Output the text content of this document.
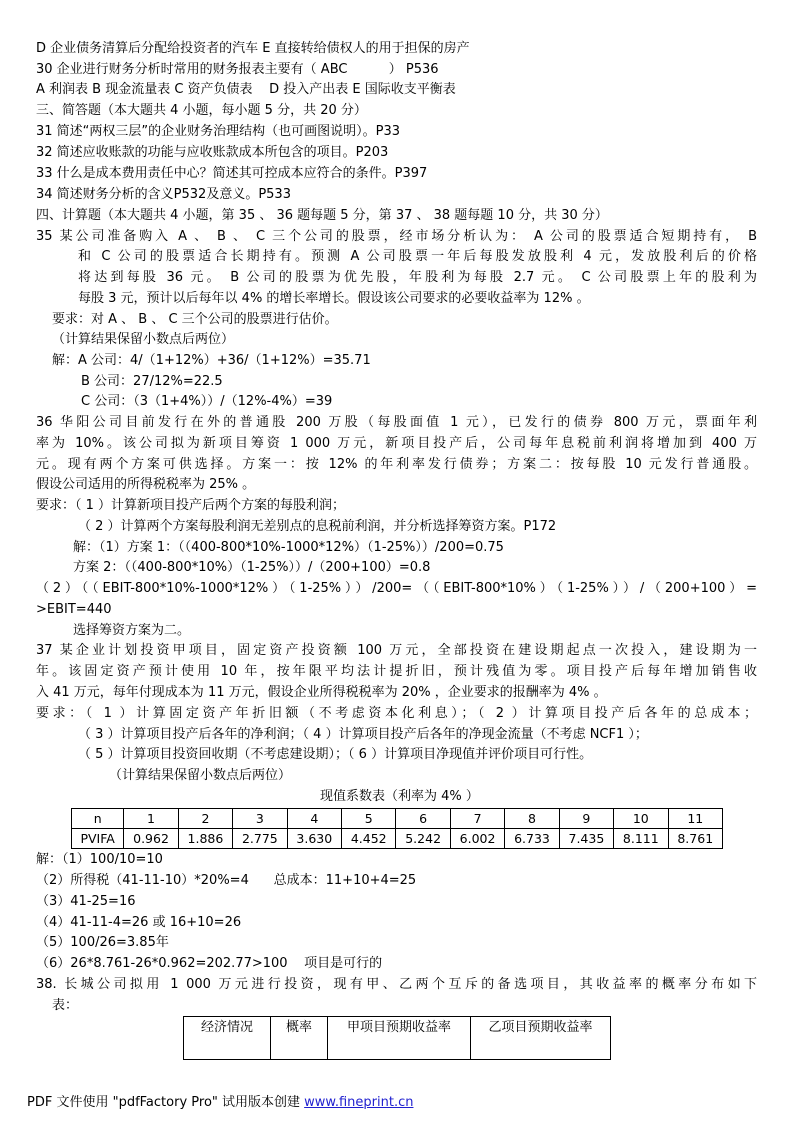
D 企业债务清算后分配给投资者的汽车 E 直接转给债权人的用于担保的房产
30 企业进行财务分析时常用的财务报表主要有（ ABC          ） P536
A 利润表 B 现金流量表 C 资产负债表    D 投入产出表 E 国际收支平衡表
三、简答题（本大题共 4 小题，每小题 5 分，共 20 分）
31 简述“两权三层”的企业财务治理结构（也可画图说明）。P33
32 简述应收账款的功能与应收账款成本所包含的项目。P203
33 什么是成本费用责任中心？简述其可控成本应符合的条件。P397
34 简述财务分析的含义P532及意义。P533
四、计算题（本大题共 4 小题，第 35 、 36 题每题 5 分，第 37 、 38 题每题 10 分，共 30 分）
35 某公司准备购入 A 、 B 、 C 三个公司的股票，经市场分析认为： A 公司的股票适合短期持有， B
和 C 公司的股票适合长期持有。预测 A 公司股票一年后每股发放股利 4 元，发放股利后的价格
将达到每股 36 元。 B 公司的股票为优先股，年股利为每股 2.7 元。 C 公司股票上年的股利为
每股 3 元，预计以后每年以 4% 的增长率增长。假设该公司要求的必要收益率为 12% 。
要求：对 A 、 B 、 C 三个公司的股票进行估价。
（计算结果保留小数点后两位）
解：A 公司：4/（1+12%）+36/（1+12%）=35.71
B 公司：27/12%=22.5
C 公司：（3（1+4%））/（12%-4%）=39
36 华阳公司目前发行在外的普通股 200 万股（每股面值 1 元），已发行的债券 800 万元，票面年利
率为 10%。该公司拟为新项目筹资 1 000 万元，新项目投产后，公司每年息税前利润将增加到 400 万
元。现有两个方案可供选择。方案一：按 12% 的年利率发行债券；方案二：按每股 10 元发行普通股。
假设公司适用的所得税税率为 25% 。
要求：（ 1 ）计算新项目投产后两个方案的每股利润；
（ 2 ）计算两个方案每股利润无差别点的息税前利润，并分析选择筹资方案。P172
解：（1）方案 1：（（400-800*10%-1000*12%）（1-25%））/200=0.75
方案 2：（（400-800*10%）（1-25%））/（200+100）=0.8
（2）（（EBIT-800*10%-1000*12%）（1-25%））/200=（（EBIT-800*10%）（1-25%））/（200+100）=
>EBIT=440
选择筹资方案为二。
37 某企业计划投资甲项目，固定资产投资额 100 万元，全部投资在建设期起点一次投入，建设期为一
年。该固定资产预计使用 10 年，按年限平均法计提折旧，预计残值为零。项目投产后每年增加销售收
入 41 万元，每年付现成本为 11 万元，假设企业所得税税率为 20% ，企业要求的报酬率为 4% 。
要求：（ 1 ）计算固定资产年折旧额（不考虑资本化利息）；（ 2 ）计算项目投产后各年的总成本；
（ 3 ）计算项目投产后各年的净利润；（ 4 ）计算项目投产后各年的净现金流量（不考虑 NCF1 ）；
（ 5 ）计算项目投资回收期（不考虑建设期）；（ 6 ）计算项目净现值并评价项目可行性。
（计算结果保留小数点后两位）
现值系数表（利率为 4% ）
n	1	2	3	4	5	6	7	8	9	10	11
PVIFA	0.962	1.886	2.775	3.630	4.452	5.242	6.002	6.733	7.435	8.111	8.761
解：（1）100/10=10
（2）所得税（41-11-10）*20%=4      总成本：11+10+4=25
（3）41-25=16
（4）41-11-4=26 或 16+10=26
（5）100/26=3.85年
（6）26*8.761-26*0.962=202.77>100    项目是可行的
38. 长城公司拟用 1 000 万元进行投资，现有甲、乙两个互斥的备选项目，其收益率的概率分布如下
表：
经济情况	概率	甲项目预期收益率	乙项目预期收益率
PDF 文件使用 "pdfFactory Pro" 试用版本创建 www.fineprint.cn
